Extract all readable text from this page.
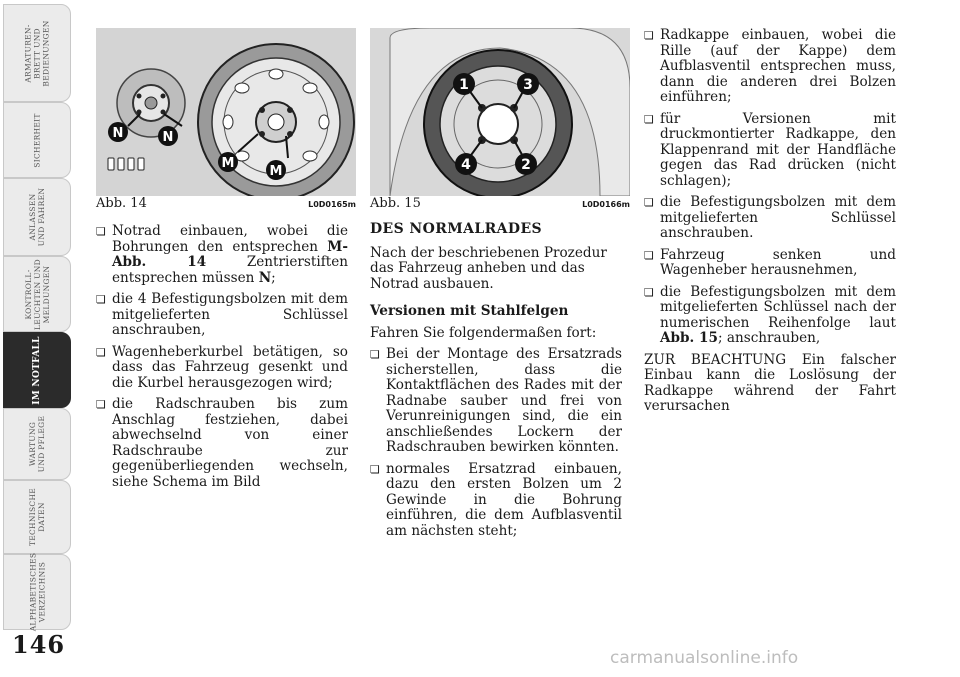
ARMATUREN-
BRETT UND
BEDIENUNGEN
SICHERHEIT
ANLASSEN
UND FAHREN
KONTROLL-
LEUCHTEN UND
MELDUNGEN
IM NOTFALL
WARTUNG
UND PFLEGE
TECHNISCHE
DATEN
ALPHABETISCHES
VERZEICHNIS
146
N	N
M
M
Abb. 14	L0D0165m
1
2
3
4
Abb. 15	L0D0166m
❏ Notrad einbauen, wobei die Bohrungen den entsprechen M- Abb. 14 Zentrierstiften entsprechen müssen N;
❏ die 4 Befestigungsbolzen mit dem mitgelieferten Schlüssel anschrauben,
❏ Wagenheberkurbel betätigen, so dass das Fahrzeug gesenkt und die Kurbel herausgezogen wird;
❏ die Radschrauben bis zum Anschlag festziehen, dabei abwechselnd von einer Radschraube zur gegenüberliegenden wechseln, siehe Schema im Bild
DES NORMALRADES
Nach der beschriebenen Prozedur das Fahrzeug anheben und das Notrad ausbauen.
Versionen mit Stahlfelgen
Fahren Sie folgendermaßen fort:
❏ Bei der Montage des Ersatzrads sicherstellen, dass die Kontaktflächen des Rades mit der Radnabe sauber und frei von Verunreinigungen sind, die ein anschließendes Lockern der Radschrauben bewirken könnten.
❏ normales Ersatzrad einbauen, dazu den ersten Bolzen um 2 Gewinde in die Bohrung einführen, die dem Aufblasventil am nächsten steht;
❏ Radkappe einbauen, wobei die Rille (auf der Kappe) dem Aufblasventil entsprechen muss, dann die anderen drei Bolzen einführen;
❏ für Versionen mit druckmontierter Radkappe, den Klappenrand mit der Handfläche gegen das Rad drücken (nicht schlagen);
❏ die Befestigungsbolzen mit dem mitgelieferten Schlüssel anschrauben.
❏ Fahrzeug senken und Wagenheber herausnehmen,
❏ die Befestigungsbolzen mit dem mitgelieferten Schlüssel nach der numerischen Reihenfolge laut Abb. 15; anschrauben,
ZUR BEACHTUNG Ein falscher Einbau kann die Loslösung der Radkappe während der Fahrt verursachen
carmanualsonline.info
